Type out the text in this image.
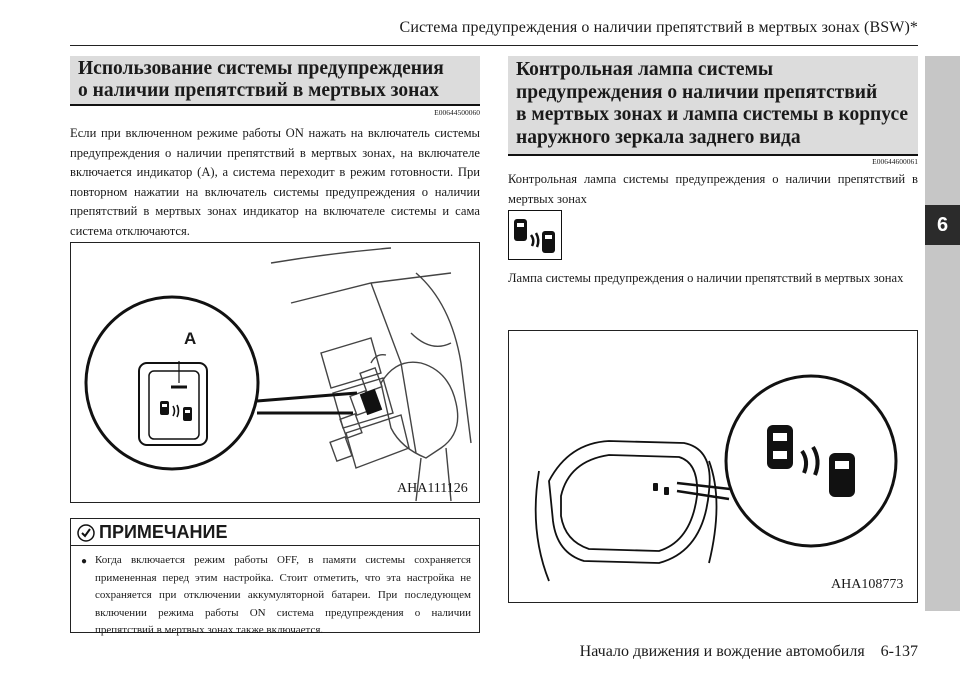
Система предупреждения о наличии препятствий в мертвых зонах (BSW)*
6
Использование системы предупреждения
о наличии препятствий в мертвых зонах
E00644500060
Если при включенном режиме работы ON нажать на включатель системы предупреждения о наличии препятствий в мертвых зонах, на включателе включается индикатор (A), а система переходит в режим готовности. При повторном нажатии на включатель системы предупреждения о наличии препятствий в мертвых зонах индикатор на включателе системы и сама система отключаются.
A
AHA111126
ПРИМЕЧАНИЕ
● Когда включается режим работы OFF, в памяти системы сохраняется примененная перед этим настройка. Стоит отметить, что эта настройка не сохраняется при отключении аккумуляторной батареи. При последующем включении режима работы ON система предупреждения о наличии препятствий в мертвых зонах также включается.
Контрольная лампа системы
предупреждения о наличии препятствий
в мертвых зонах и лампа системы в корпусе
наружного зеркала заднего вида
E00644600061
Контрольная лампа системы предупреждения о наличии препятствий в мертвых зонах
Лампа системы предупреждения о наличии препятствий в мертвых зонах
AHA108773
Начало движения и вождение автомобиля 6-137
